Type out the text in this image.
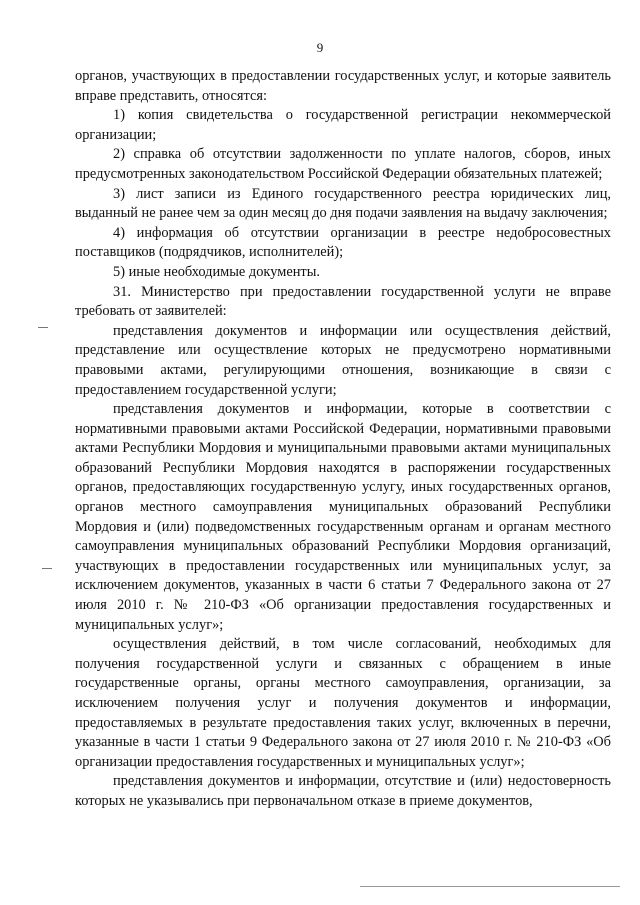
9

органов, участвующих в предоставлении государственных услуг, и которые заявитель вправе представить, относятся:

1) копия свидетельства о государственной регистрации некоммерческой организации;

2) справка об отсутствии задолженности по уплате налогов, сборов, иных предусмотренных законодательством Российской Федерации обязательных платежей;

3) лист записи из Единого государственного реестра юридических лиц, выданный не ранее чем за один месяц до дня подачи заявления на выдачу заключения;

4) информация об отсутствии организации в реестре недобросовестных поставщиков (подрядчиков, исполнителей);

5) иные необходимые документы.

31. Министерство при предоставлении государственной услуги не вправе требовать от заявителей:

представления документов и информации или осуществления действий, представление или осуществление которых не предусмотрено нормативными правовыми актами, регулирующими отношения, возникающие в связи с предоставлением государственной услуги;

представления документов и информации, которые в соответствии с нормативными правовыми актами Российской Федерации, нормативными правовыми актами Республики Мордовия и муниципальными правовыми актами муниципальных образований Республики Мордовия находятся в распоряжении государственных органов, предоставляющих государственную услугу, иных государственных органов, органов местного самоуправления муниципальных образований Республики Мордовия и (или) подведомственных государственным органам и органам местного самоуправления муниципальных образований Республики Мордовия организаций, участвующих в предоставлении государственных или муниципальных услуг, за исключением документов, указанных в части 6 статьи 7 Федерального закона от 27 июля 2010 г. № 210-ФЗ «Об организации предоставления государственных и муниципальных услуг»;

осуществления действий, в том числе согласований, необходимых для получения государственной услуги и связанных с обращением в иные государственные органы, органы местного самоуправления, организации, за исключением получения услуг и получения документов и информации, предоставляемых в результате предоставления таких услуг, включенных в перечни, указанные в части 1 статьи 9 Федерального закона от 27 июля 2010 г. № 210-ФЗ «Об организации предоставления государственных и муниципальных услуг»;

представления документов и информации, отсутствие и (или) недостоверность которых не указывались при первоначальном отказе в приеме документов,
